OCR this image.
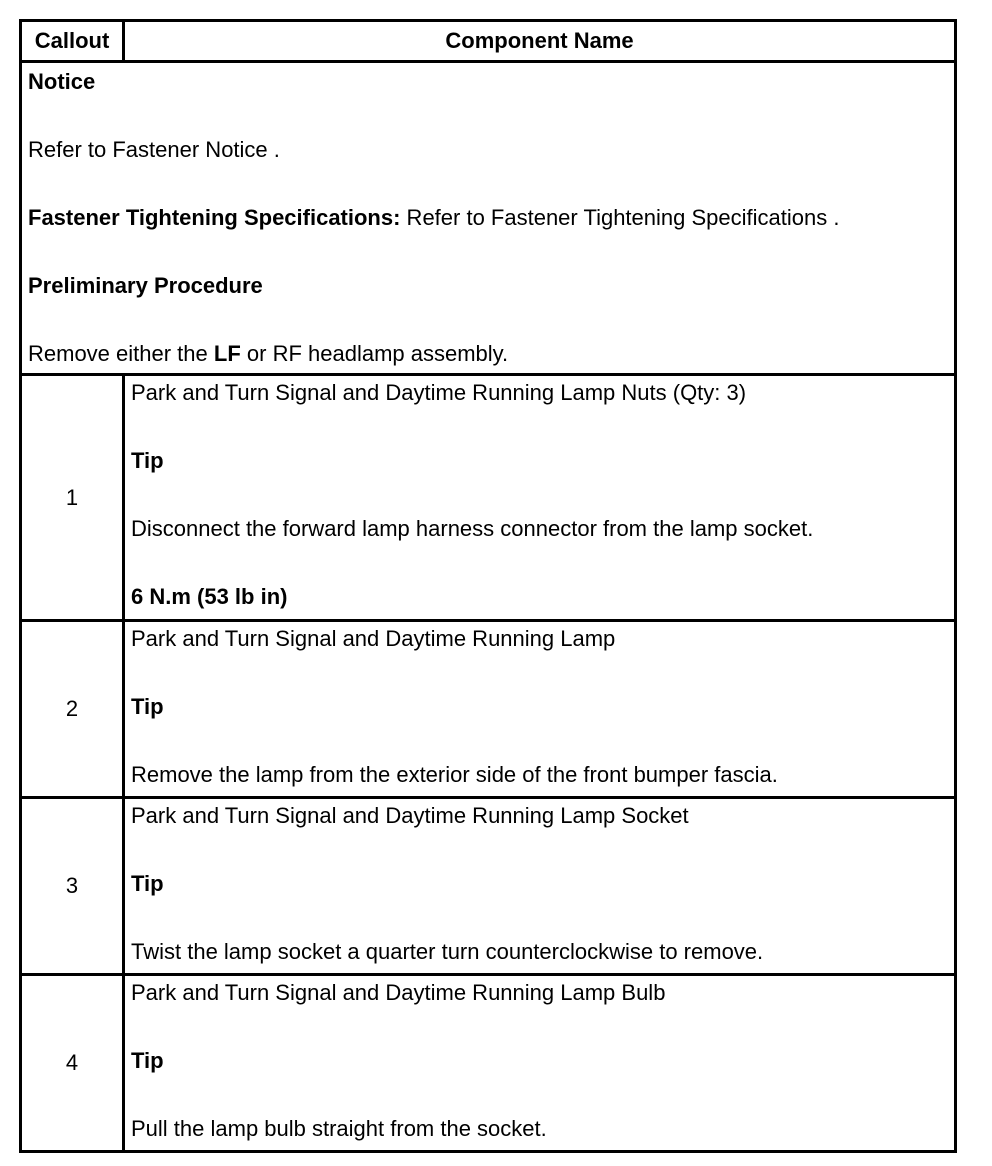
Callout	Component Name

Notice

Refer to Fastener Notice .

Fastener Tightening Specifications: Refer to Fastener Tightening Specifications .

Preliminary Procedure

Remove either the LF or RF headlamp assembly.	

1	Park and Turn Signal and Daytime Running Lamp Nuts (Qty: 3)

Tip

Disconnect the forward lamp harness connector from the lamp socket.

6 N.m (53 lb in)

2	Park and Turn Signal and Daytime Running Lamp

Tip

Remove the lamp from the exterior side of the front bumper fascia.

3	Park and Turn Signal and Daytime Running Lamp Socket

Tip

Twist the lamp socket a quarter turn counterclockwise to remove.

4	Park and Turn Signal and Daytime Running Lamp Bulb

Tip

Pull the lamp bulb straight from the socket.
